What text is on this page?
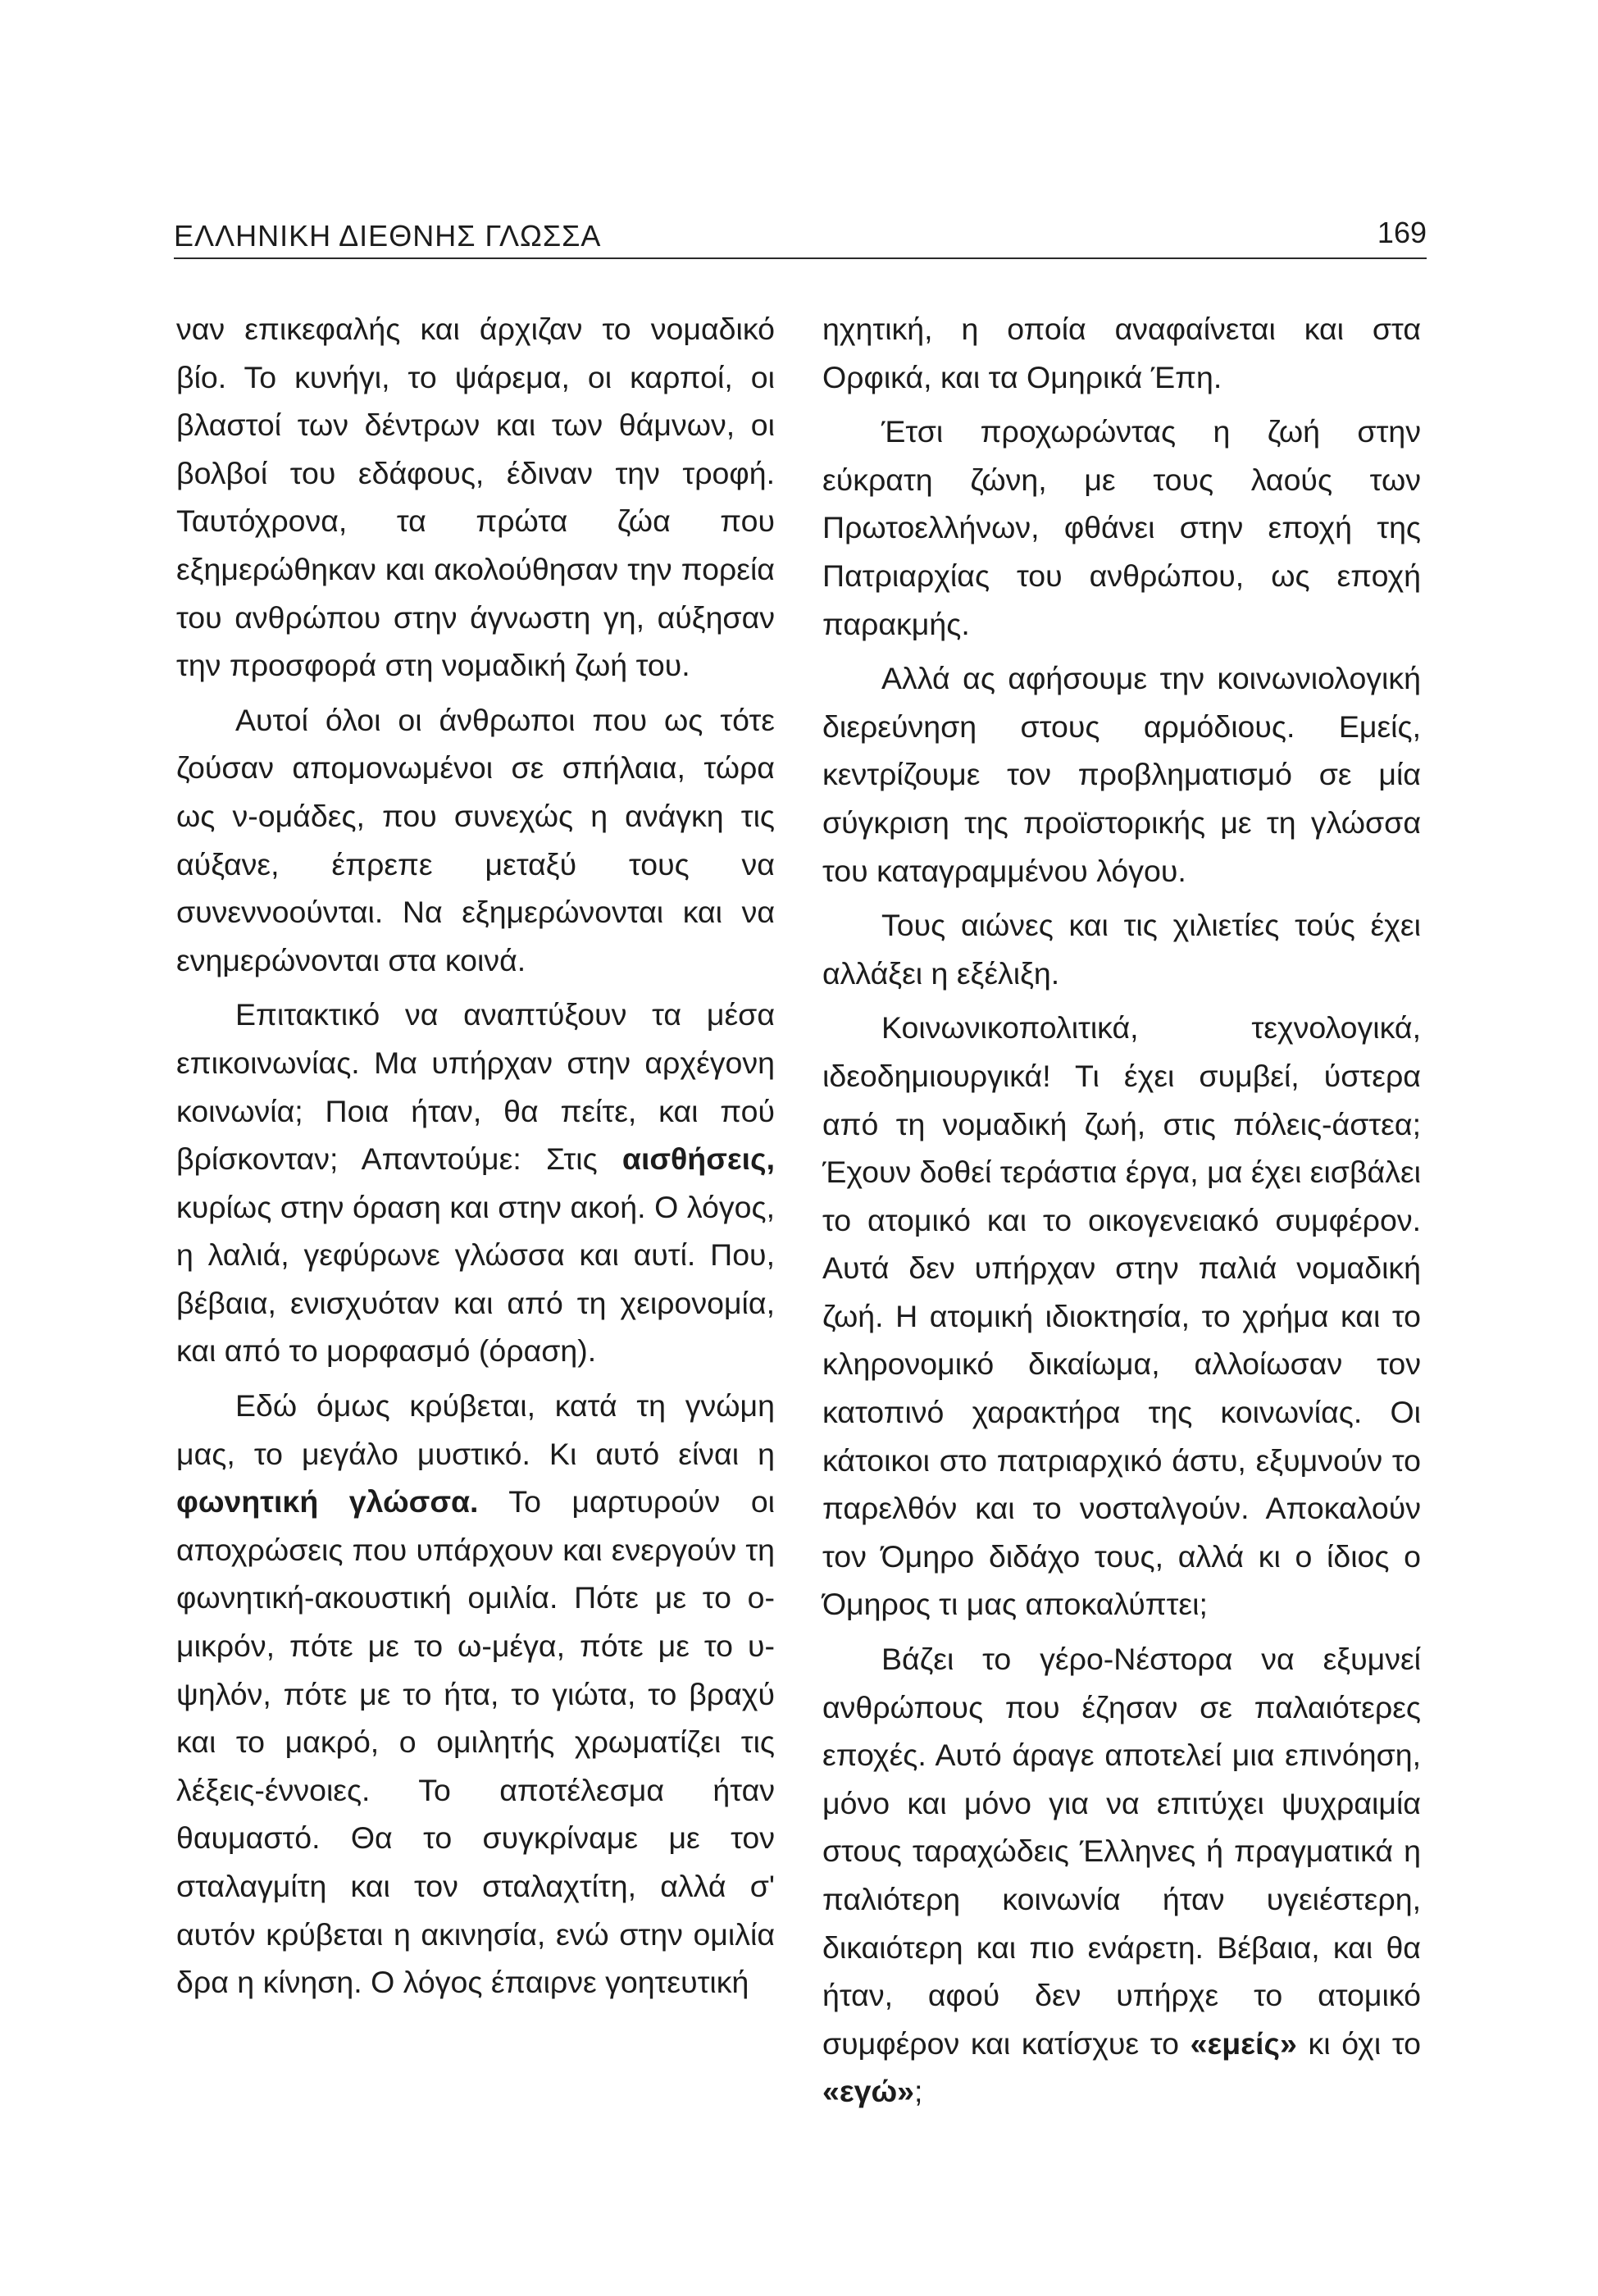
ΕΛΛΗΝΙΚΗ ΔΙΕΘΝΗΣ ΓΛΩΣΣΑ	169

ναν επικεφαλής και άρχιζαν το νομαδικό βίο. Το κυνήγι, το ψάρεμα, οι καρποί, οι βλαστοί των δέντρων και των θάμνων, οι βολβοί του εδάφους, έδιναν την τροφή. Ταυτόχρονα, τα πρώτα ζώα που εξημερώθηκαν και ακολούθησαν την πορεία του ανθρώπου στην άγνωστη γη, αύξησαν την προσφορά στη νομαδική ζωή του.

Αυτοί όλοι οι άνθρωποι που ως τότε ζούσαν απομονωμένοι σε σπήλαια, τώρα ως ν-ομάδες, που συνεχώς η ανάγκη τις αύξανε, έπρεπε μεταξύ τους να συνεννοούνται. Να εξημερώνονται και να ενημερώνονται στα κοινά.

Επιτακτικό να αναπτύξουν τα μέσα επικοινωνίας. Μα υπήρχαν στην αρχέγονη κοινωνία; Ποια ήταν, θα πείτε, και πού βρίσκονταν; Απαντούμε: Στις αισθήσεις, κυρίως στην όραση και στην ακοή. Ο λόγος, η λαλιά, γεφύρωνε γλώσσα και αυτί. Που, βέβαια, ενισχυόταν και από τη χειρονομία, και από το μορφασμό (όραση).

Εδώ όμως κρύβεται, κατά τη γνώμη μας, το μεγάλο μυστικό. Κι αυτό είναι η φωνητική γλώσσα. Το μαρτυρούν οι αποχρώσεις που υπάρχουν και ενεργούν τη φωνητική-ακουστική ομιλία. Πότε με το ο-μικρόν, πότε με το ω-μέγα, πότε με το υ-ψηλόν, πότε με το ήτα, το γιώτα, το βραχύ και το μακρό, ο ομιλητής χρωματίζει τις λέξεις-έννοιες. Το αποτέλεσμα ήταν θαυμαστό. Θα το συγκρίναμε με τον σταλαγμίτη και τον σταλαχτίτη, αλλά σ' αυτόν κρύβεται η ακινησία, ενώ στην ομιλία δρα η κίνηση. Ο λόγος έπαιρνε γοητευτική

ηχητική, η οποία αναφαίνεται και στα Ορφικά, και τα Ομηρικά Έπη.

Έτσι προχωρώντας η ζωή στην εύκρατη ζώνη, με τους λαούς των Πρωτοελλήνων, φθάνει στην εποχή της Πατριαρχίας του ανθρώπου, ως εποχή παρακμής.

Αλλά ας αφήσουμε την κοινωνιολογική διερεύνηση στους αρμόδιους. Εμείς, κεντρίζουμε τον προβληματισμό σε μία σύγκριση της προϊστορικής με τη γλώσσα του καταγραμμένου λόγου.

Τους αιώνες και τις χιλιετίες τούς έχει αλλάξει η εξέλιξη.

Κοινωνικοπολιτικά, τεχνολογικά, ιδεοδημιουργικά! Τι έχει συμβεί, ύστερα από τη νομαδική ζωή, στις πόλεις-άστεα; Έχουν δοθεί τεράστια έργα, μα έχει εισβάλει το ατομικό και το οικογενειακό συμφέρον. Αυτά δεν υπήρχαν στην παλιά νομαδική ζωή. Η ατομική ιδιοκτησία, το χρήμα και το κληρονομικό δικαίωμα, αλλοίωσαν τον κατοπινό χαρακτήρα της κοινωνίας. Οι κάτοικοι στο πατριαρχικό άστυ, εξυμνούν το παρελθόν και το νοσταλγούν. Αποκαλούν τον Όμηρο διδάχο τους, αλλά κι ο ίδιος ο Όμηρος τι μας αποκαλύπτει;

Βάζει το γέρο-Νέστορα να εξυμνεί ανθρώπους που έζησαν σε παλαιότερες εποχές. Αυτό άραγε αποτελεί μια επινόηση, μόνο και μόνο για να επιτύχει ψυχραιμία στους ταραχώδεις Έλληνες ή πραγματικά η παλιότερη κοινωνία ήταν υγειέστερη, δικαιότερη και πιο ενάρετη. Βέβαια, και θα ήταν, αφού δεν υπήρχε το ατομικό συμφέρον και κατίσχυε το «εμείς» κι όχι το «εγώ»;
